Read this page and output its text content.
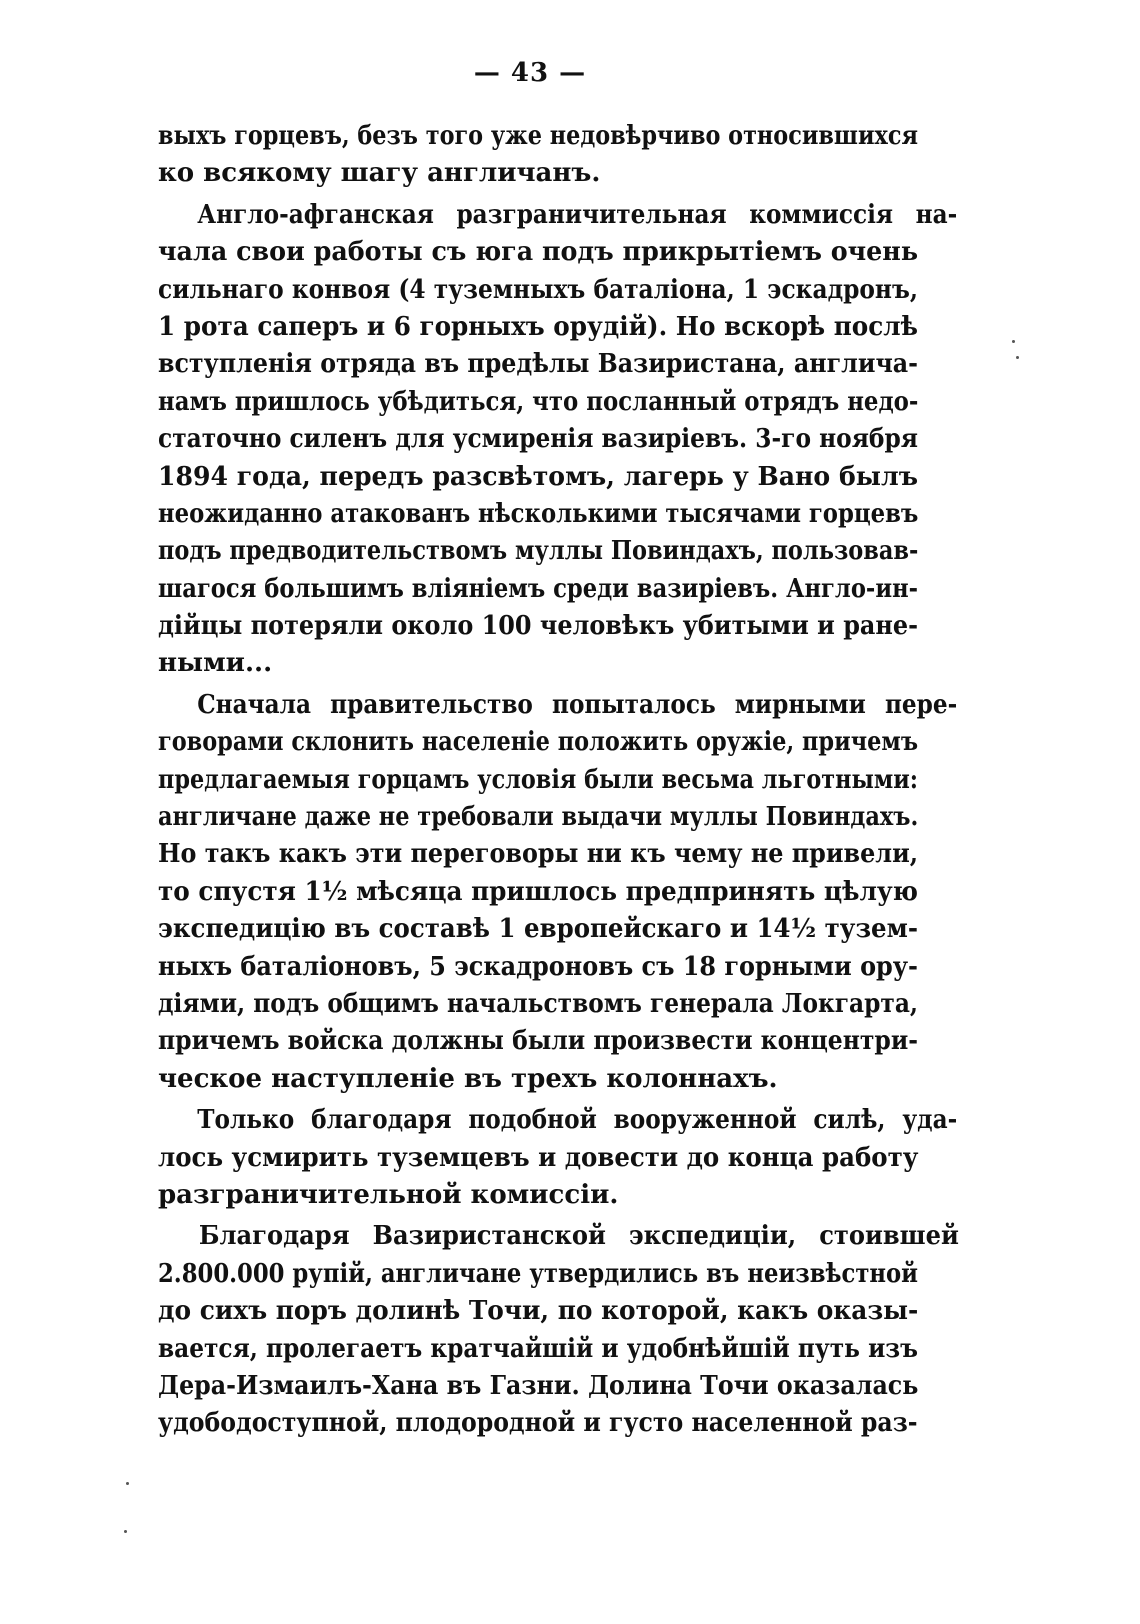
— 43 —
выхъ горцевъ, безъ того уже недовѣрчиво относившихся
ко всякому шагу англичанъ.
Англо-афганская разграничительная коммиссія на-
чала свои работы съ юга подъ прикрытіемъ очень
сильнаго конвоя (4 туземныхъ баталіона, 1 эскадронъ,
1 рота саперъ и 6 горныхъ орудій). Но вскорѣ послѣ
вступленія отряда въ предѣлы Вазиристана, англича-
намъ пришлось убѣдиться, что посланный отрядъ недо-
статочно силенъ для усмиренія вазиріевъ. 3-го ноября
1894 года, передъ разсвѣтомъ, лагерь у Вано былъ
неожиданно атакованъ нѣсколькими тысячами горцевъ
подъ предводительствомъ муллы Повиндахъ, пользовав-
шагося большимъ вліяніемъ среди вазиріевъ. Англо-ин-
дійцы потеряли около 100 человѣкъ убитыми и ране-
ными...
Сначала правительство попыталось мирными пере-
говорами склонить населеніе положить оружіе, причемъ
предлагаемыя горцамъ условія были весьма льготными:
англичане даже не требовали выдачи муллы Повиндахъ.
Но такъ какъ эти переговоры ни къ чему не привели,
то спустя 1½ мѣсяца пришлось предпринять цѣлую
экспедицію въ составѣ 1 европейскаго и 14½ тузем-
ныхъ баталіоновъ, 5 эскадроновъ съ 18 горными ору-
діями, подъ общимъ начальствомъ генерала Локгарта,
причемъ войска должны были произвести концентри-
ческое наступленіе въ трехъ колоннахъ.
Только благодаря подобной вооруженной силѣ, уда-
лось усмирить туземцевъ и довести до конца работу
разграничительной комиссіи.
Благодаря Вазиристанской экспедиціи, стоившей
2.800.000 рупій, англичане утвердились въ неизвѣстной
до сихъ поръ долинѣ Точи, по которой, какъ оказы-
вается, пролегаетъ кратчайшій и удобнѣйшій путь изъ
Дера-Измаилъ-Хана въ Газни. Долина Точи оказалась
удободоступной, плодородной и густо населенной раз-
